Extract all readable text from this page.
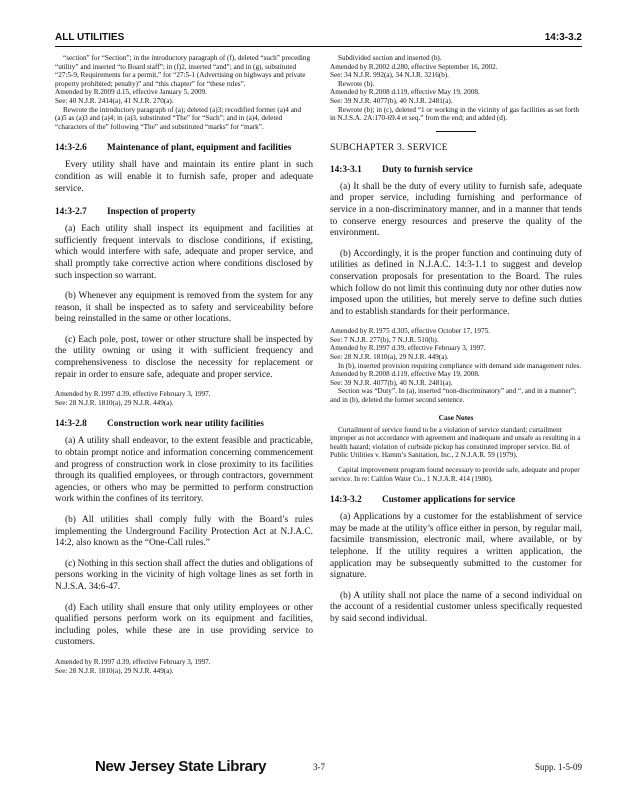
ALL UTILITIES	14:3-3.2

“section” for “Section”; in the introductory paragraph of (f), deleted “such” preceding “utility” and inserted “to Board staff”; in (f)2, inserted “and”; and in (g), substituted “27:5-9, Requirements for a permit,” for “27:5-1 (Advertising on highways and private property prohibited; penalty)” and “this chapter” for “these rules”.

Amended by R.2009 d.15, effective January 5, 2009.

See: 40 N.J.R. 2414(a), 41 N.J.R. 270(a).

Rewrote the introductory paragraph of (a); deleted (a)3; recodified former (a)4 and (a)5 as (a)3 and (a)4; in (a)3, substituted “The” for “Such”; and in (a)4, deleted “characters of the” following “The” and substituted “marks” for “mark”.

14:3-2.6 Maintenance of plant, equipment and facilities

Every utility shall have and maintain its entire plant in such condition as will enable it to furnish safe, proper and adequate service.

14:3-2.7 Inspection of property

(a) Each utility shall inspect its equipment and facilities at sufficiently frequent intervals to disclose conditions, if existing, which would interfere with safe, adequate and proper service, and shall promptly take corrective action where conditions disclosed by such inspection so warrant.

(b) Whenever any equipment is removed from the system for any reason, it shall be inspected as to safety and serviceability before being reinstalled in the same or other locations.

(c) Each pole, post, tower or other structure shall be inspected by the utility owning or using it with sufficient frequency and comprehensiveness to disclose the necessity for replacement or repair in order to ensure safe, adequate and proper service.

Amended by R.1997 d.39, effective February 3, 1997.

See: 28 N.J.R. 1810(a), 29 N.J.R. 449(a).

14:3-2.8 Construction work near utility facilities

(a) A utility shall endeavor, to the extent feasible and practicable, to obtain prompt notice and information concerning commencement and progress of construction work in close proximity to its facilities through its qualified employees, or through contractors, government agencies, or others who may be permitted to perform construction work within the confines of its territory.

(b) All utilities shall comply fully with the Board’s rules implementing the Underground Facility Protection Act at N.J.A.C. 14:2, also known as the “One-Call rules.”

(c) Nothing in this section shall affect the duties and obligations of persons working in the vicinity of high voltage lines as set forth in N.J.S.A. 34:6-47.

(d) Each utility shall ensure that only utility employees or other qualified persons perform work on its equipment and facilities, including poles, while these are in use providing service to customers.

Amended by R.1997 d.39, effective February 3, 1997.

See: 28 N.J.R. 1810(a), 29 N.J.R. 449(a).

Subdivided section and inserted (b).

Amended by R.2002 d.280, effective September 16, 2002.

See: 34 N.J.R. 992(a), 34 N.J.R. 3216(b).

Rewrote (b).

Amended by R.2008 d.119, effective May 19, 2008.

See: 39 N.J.R. 4077(b), 40 N.J.R. 2481(a).

Rewrote (b); in (c), deleted “1 or working in the vicinity of gas facilities as set forth in N.J.S.A. 2A:170-69.4 et seq.” from the end; and added (d).

SUBCHAPTER 3. SERVICE
14:3-3.1 Duty to furnish service

(a) It shall be the duty of every utility to furnish safe, adequate and proper service, including furnishing and performance of service in a non-discriminatory manner, and in a manner that tends to conserve energy resources and preserve the quality of the environment.

(b) Accordingly, it is the proper function and continuing duty of utilities as defined in N.J.A.C. 14:3-1.1 to suggest and develop conservation proposals for presentation to the Board. The rules which follow do not limit this continuing duty nor other duties now imposed upon the utilities, but merely serve to define such duties and to establish standards for their performance.

Amended by R.1975 d.305, effective October 17, 1975.

See: 7 N.J.R. 277(b), 7 N.J.R. 510(b).

Amended by R.1997 d.39, effective February 3, 1997.

See: 28 N.J.R. 1810(a), 29 N.J.R. 449(a).

In (b), inserted provision requiring compliance with demand side management rules.

Amended by R.2008 d.119, effective May 19, 2008.

See: 39 N.J.R. 4077(b), 40 N.J.R. 2481(a).

Section was “Duty”. In (a), inserted “non-discriminatory” and “, and in a manner”; and in (b), deleted the former second sentence.

Case Notes

Curtailment of service found to be a violation of service standard; curtailment improper as not accordance with agreement and inadequate and unsafe as resulting in a health hazard; violation of curbside pickup has constituted improper service. Bd. of Public Utilities v. Hamm’s Sanitation, Inc., 2 N.J.A.R. 59 (1979).

Capital improvement program found necessary to provide safe, adequate and proper service. In re: Califon Water Co., 1 N.J.A.R. 414 (1980).

14:3-3.2 Customer applications for service

(a) Applications by a customer for the establishment of service may be made at the utility’s office either in person, by regular mail, facsimile transmission, electronic mail, where available, or by telephone. If the utility requires a written application, the application may be subsequently submitted to the customer for signature.

(b) A utility shall not place the name of a second individual on the account of a residential customer unless specifically requested by said second individual.

New Jersey State Library	3-7	Supp. 1-5-09
